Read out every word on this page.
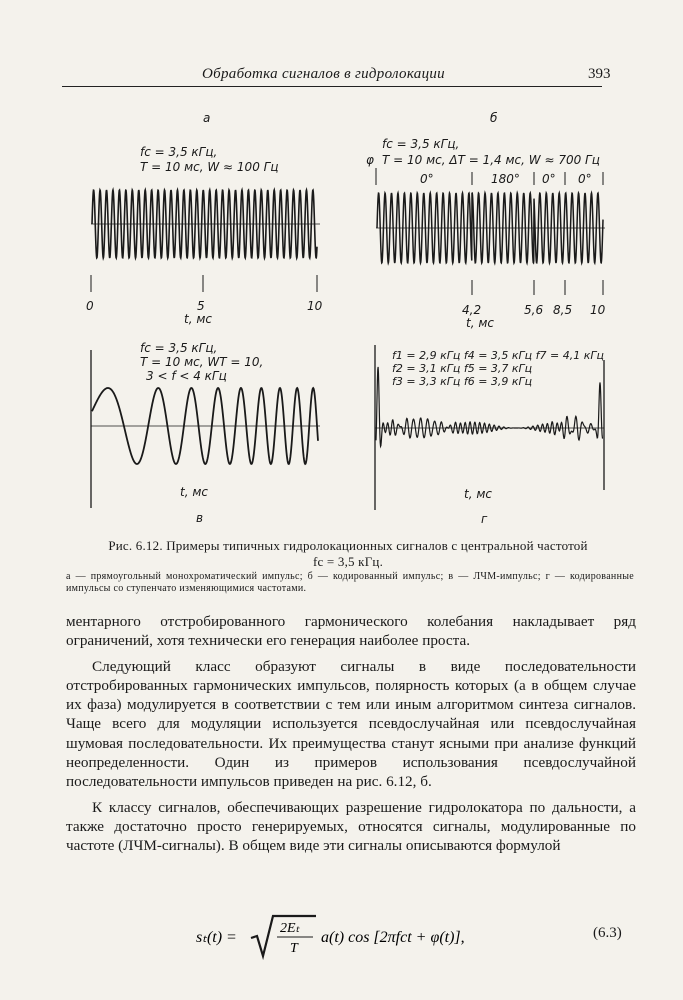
Обработка сигналов в гидролокации	393
а
fc = 3,5 кГц,
T = 10 мс, W ≈ 100 Гц
0	5	10
t, мс
б
fc = 3,5 кГц,
φ T = 10 мс, ΔT = 1,4 мс, W ≈ 700 Гц
0°	180° 0° 0°
4,2	5,6 8,5 10
t, мс
fc = 3,5 кГц,
T = 10 мс, WT = 10,
3 < f < 4 кГц
t, мс
в
f1 = 2,9 кГц f4 = 3,5 кГц f7 = 4,1 кГц
f2 = 3,1 кГц f5 = 3,7 кГц
f3 = 3,3 кГц f6 = 3,9 кГц
t, мс
г
Рис. 6.12. Примеры типичных гидролокационных сигналов с центральной частотой
fc = 3,5 кГц.
а — прямоугольный монохроматический импульс; б — кодированный импульс; в — ЛЧМ-импульс; г — кодированные импульсы со ступенчато изменяющимися частотами.

ментарного отстробированного гармонического колебания накладывает ряд ограничений, хотя технически его генерация наиболее проста.

Следующий класс образуют сигналы в виде последовательности отстробированных гармонических импульсов, полярность которых (а в общем случае их фаза) модулируется в соответствии с тем или иным алгоритмом синтеза сигналов. Чаще всего для модуляции используется псевдослучайная или псевдослучайная шумовая последовательности. Их преимущества станут ясными при анализе функций неопределенности. Один из примеров использования псевдослучайной последовательности импульсов приведен на рис. 6.12, б.

К классу сигналов, обеспечивающих разрешение гидролокатора по дальности, а также достаточно просто генерируемых, относятся сигналы, модулированные по частоте (ЛЧМ-сигналы). В общем виде эти сигналы описываются формулой

sₜ(t) =
2Eₜ
T
a(t) cos [2πfct + φ(t)],	(6.3)
